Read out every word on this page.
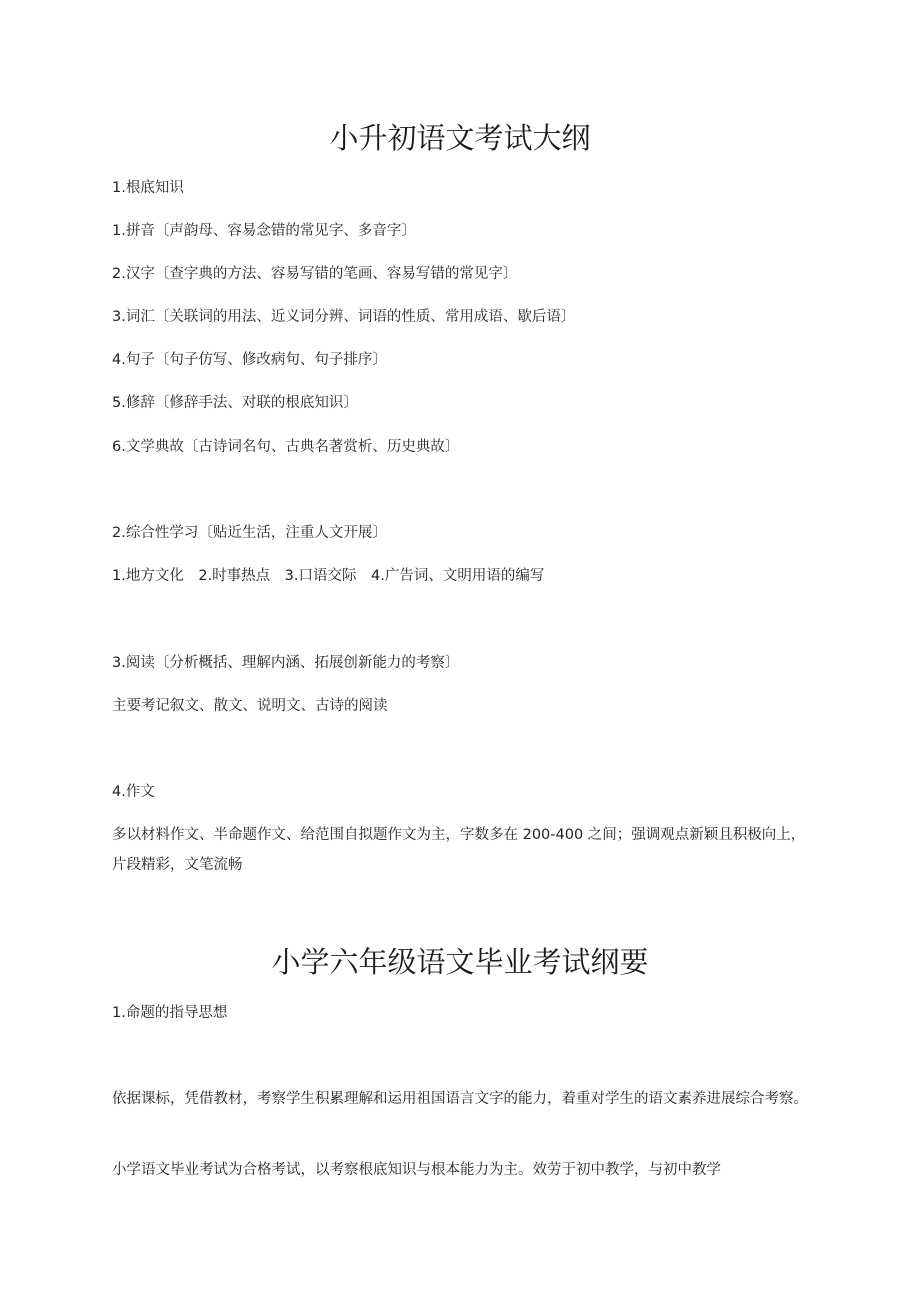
小升初语文考试大纲

1.根底知识

1.拼音〔声韵母、容易念错的常见字、多音字〕

2.汉字〔查字典的方法、容易写错的笔画、容易写错的常见字〕

3.词汇〔关联词的用法、近义词分辨、词语的性质、常用成语、歇后语〕

4.句子〔句子仿写、修改病句、句子排序〕

5.修辞〔修辞手法、对联的根底知识〕

6.文学典故〔古诗词名句、古典名著赏析、历史典故〕

2.综合性学习〔贴近生活，注重人文开展〕

1.地方文化　2.时事热点　3.口语交际　4.广告词、文明用语的编写

3.阅读〔分析概括、理解内涵、拓展创新能力的考察〕

主要考记叙文、散文、说明文、古诗的阅读

4.作文

多以材料作文、半命题作文、给范围自拟题作文为主，字数多在 200-400 之间；强调观点新颖且积极向上，片段精彩，文笔流畅

小学六年级语文毕业考试纲要

1.命题的指导思想

依据课标，凭借教材，考察学生积累理解和运用祖国语言文字的能力，着重对学生的语文素养进展综合考察。

小学语文毕业考试为合格考试，以考察根底知识与根本能力为主。效劳于初中教学，与初中教学
